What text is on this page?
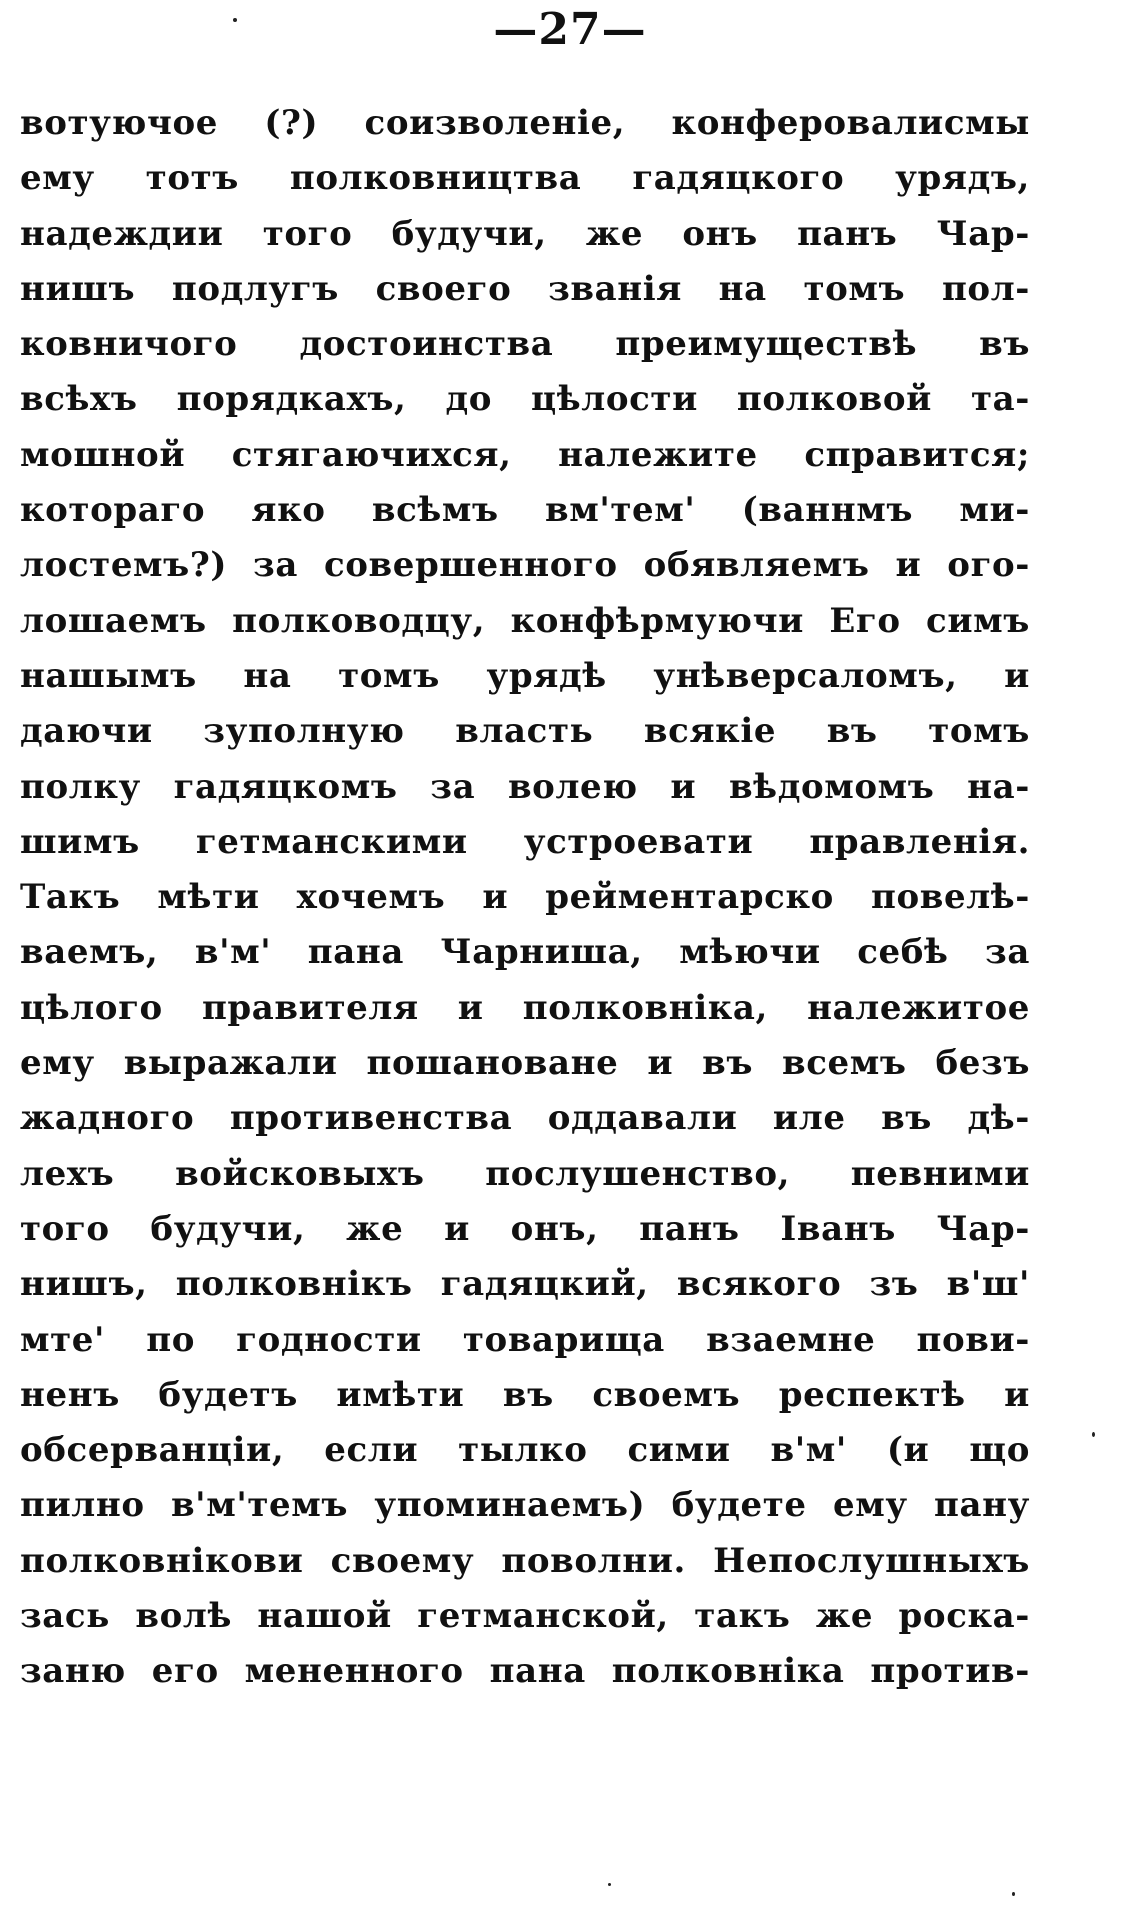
—27—
вотуючое (?) соизволеніе, конферовалисмы
ему тотъ полковництва гадяцкого урядъ,
надеждии того будучи, же онъ панъ Чар-
нишъ подлугъ своего званія на томъ пол-
ковничого достоинства преимуществѣ въ
всѣхъ порядкахъ, до цѣлости полковой та-
мошной стягаючихся, належите справится;
котораго яко всѣмъ вм'тем' (ваннмъ ми-
лостемъ?) за совершенного обявляемъ и ого-
лошаемъ полководцу, конфѣрмуючи Его симъ
нашымъ на томъ урядѣ унѣверсаломъ, и
даючи зуполную власть всякіе въ томъ
полку гадяцкомъ за волею и вѣдомомъ на-
шимъ гетманскими устроевати правленія.
Такъ мѣти хочемъ и рейментарско повелѣ-
ваемъ, в'м' пана Чарниша, мѣючи себѣ за
цѣлого правителя и полковніка, належитое
ему выражали пошановане и въ всемъ безъ
жадного противенства оддавали иле въ дѣ-
лехъ войсковыхъ послушенство, певними
того будучи, же и онъ, панъ Іванъ Чар-
нишъ, полковнікъ гадяцкий, всякого зъ в'ш'
мте' по годности товарища взаемне пови-
ненъ будетъ имѣти въ своемъ респектѣ и
обсерванціи, если тылко сими в'м' (и що
пилно в'м'темъ упоминаемъ) будете ему пану
полковнікови своему поволни. Непослушныхъ
зась волѣ нашой гетманской, такъ же роска-
заню его мененного пана полковніка против-
